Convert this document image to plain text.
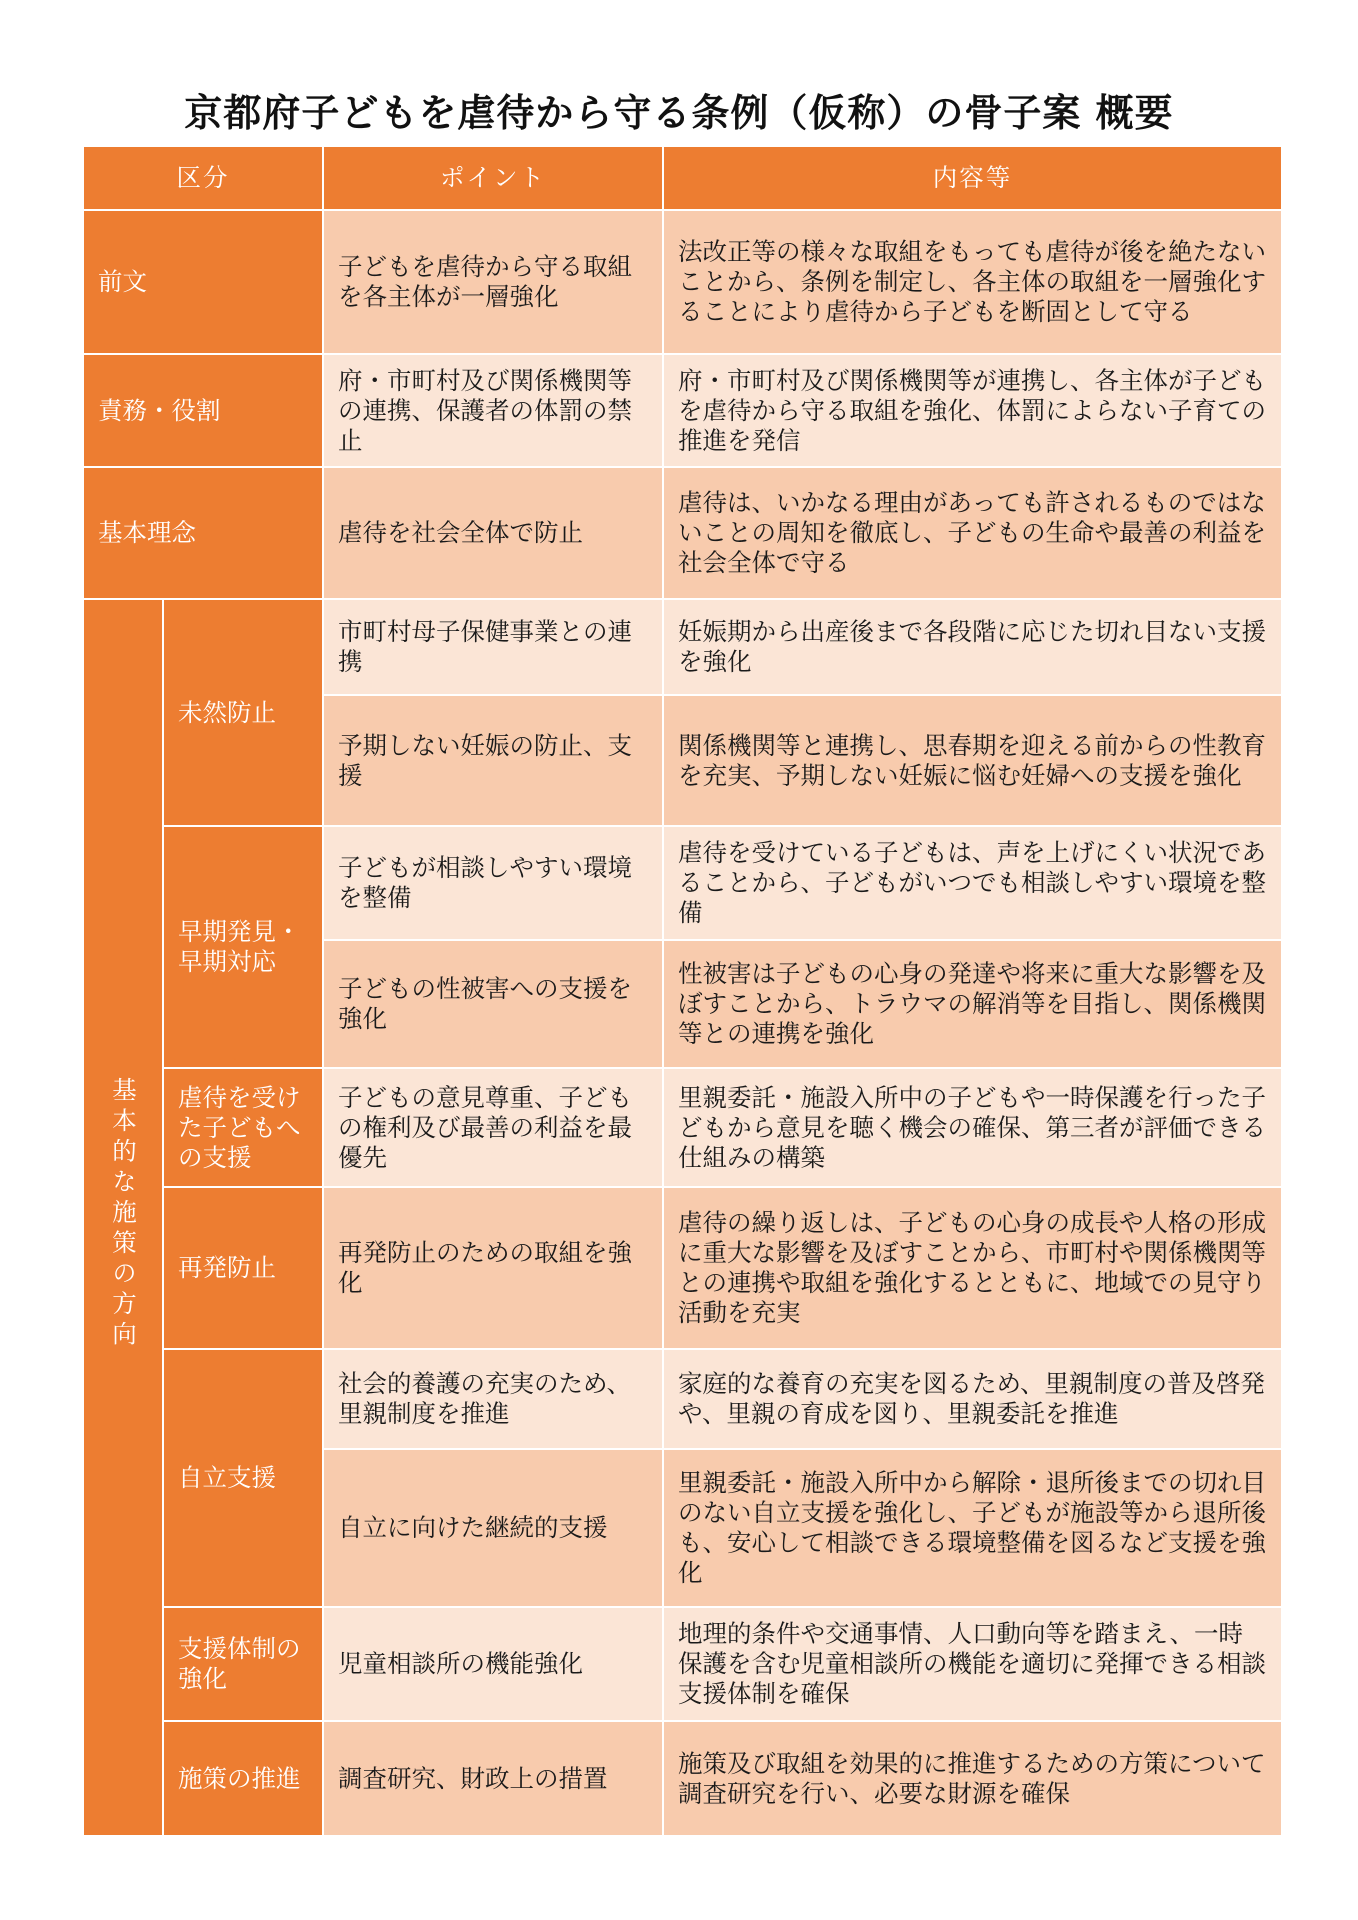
京都府子どもを虐待から守る条例（仮称）の骨子案 概要
区分		ポイント	内容等
前文		子どもを虐待から守る取組を各主体が一層強化	法改正等の様々な取組をもっても虐待が後を絶たないことから、条例を制定し、各主体の取組を一層強化することにより虐待から子どもを断固として守る
責務・役割		府・市町村及び関係機関等の連携、保護者の体罰の禁止	府・市町村及び関係機関等が連携し、各主体が子どもを虐待から守る取組を強化、体罰によらない子育ての推進を発信
基本理念		虐待を社会全体で防止	虐待は、いかなる理由があっても許されるものではないことの周知を徹底し、子どもの生命や最善の利益を社会全体で守る
基本的な施策の方向	未然防止	市町村母子保健事業との連携	妊娠期から出産後まで各段階に応じた切れ目ない支援を強化
		予期しない妊娠の防止、支援	関係機関等と連携し、思春期を迎える前からの性教育を充実、予期しない妊娠に悩む妊婦への支援を強化
	早期発見・早期対応	子どもが相談しやすい環境を整備	虐待を受けている子どもは、声を上げにくい状況であることから、子どもがいつでも相談しやすい環境を整備
		子どもの性被害への支援を強化	性被害は子どもの心身の発達や将来に重大な影響を及ぼすことから、トラウマの解消等を目指し、関係機関等との連携を強化
	虐待を受けた子どもへの支援	子どもの意見尊重、子どもの権利及び最善の利益を最優先	里親委託・施設入所中の子どもや一時保護を行った子どもから意見を聴く機会の確保、第三者が評価できる仕組みの構築
	再発防止	再発防止のための取組を強化	虐待の繰り返しは、子どもの心身の成長や人格の形成に重大な影響を及ぼすことから、市町村や関係機関等との連携や取組を強化するとともに、地域での見守り活動を充実
	自立支援	社会的養護の充実のため、里親制度を推進	家庭的な養育の充実を図るため、里親制度の普及啓発や、里親の育成を図り、里親委託を推進
		自立に向けた継続的支援	里親委託・施設入所中から解除・退所後までの切れ目のない自立支援を強化し、子どもが施設等から退所後も、安心して相談できる環境整備を図るなど支援を強化
	支援体制の強化	児童相談所の機能強化	地理的条件や交通事情、人口動向等を踏まえ、一時保護を含む児童相談所の機能を適切に発揮できる相談支援体制を確保
	施策の推進	調査研究、財政上の措置	施策及び取組を効果的に推進するための方策について調査研究を行い、必要な財源を確保
